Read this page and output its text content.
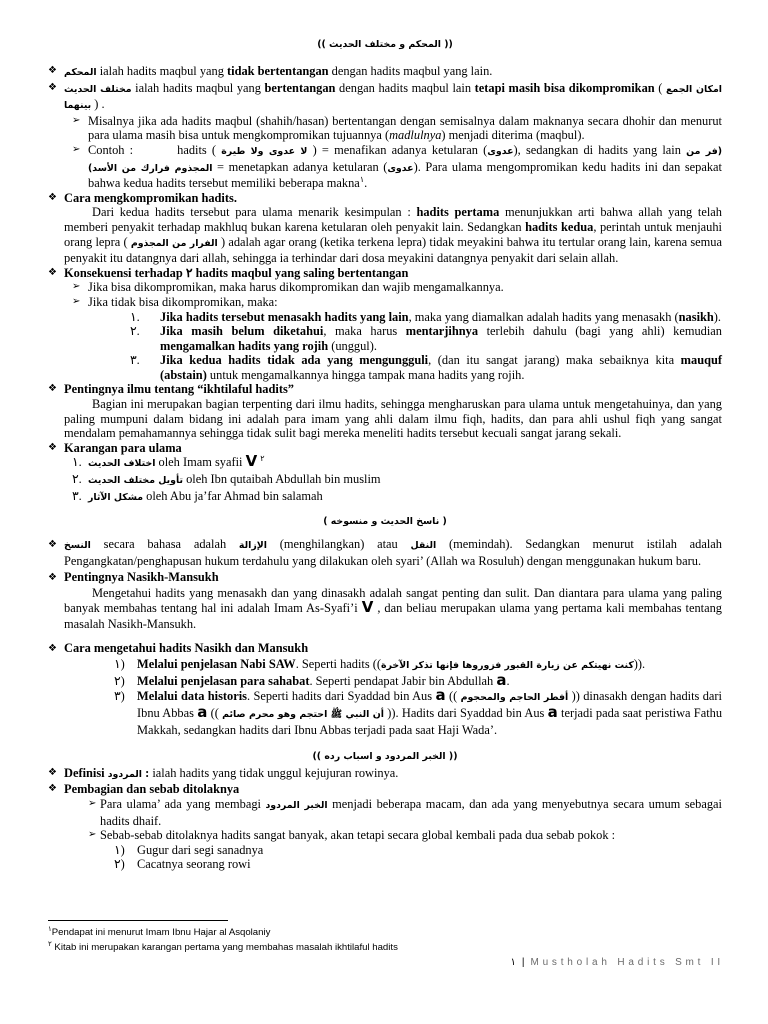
(( المحكم و مختلف الحديث ))
❖
المحكم ialah hadits maqbul yang tidak bertentangan dengan hadits maqbul yang lain.
❖
مختلف الحديث ialah hadits maqbul yang bertentangan dengan hadits maqbul lain tetapi masih bisa dikompromikan ( امكان الجمع بينهما ) .
➢
Misalnya jika ada hadits maqbul (shahih/hasan) bertentangan dengan semisalnya dalam maknanya secara dhohir dan menurut para ulama masih bisa untuk mengkompromikan tujuannya (madlulnya) menjadi diterima (maqbul).
➢
Contoh :	hadits ( لا عدوى ولا طيرة ) = menafikan adanya ketularan (عدوى), sedangkan di hadits yang lain (فر من المجذوم فرارك من الأسد) = menetapkan adanya ketularan (عدوى). Para ulama mengompromikan kedu hadits ini dan sepakat bahwa kedua hadits tersebut memiliki beberapa makna$^١$.
❖
Cara mengkompromikan hadits.
Dari kedua hadits tersebut para ulama menarik kesimpulan : hadits pertama menunjukkan arti bahwa allah yang telah memberi penyakit terhadap makhluq bukan karena ketularan oleh penyakit lain. Sedangkan hadits kedua, perintah untuk menjauhi orang lepra ( الفرار من المجذوم ) adalah agar orang (ketika terkena lepra) tidak meyakini bahwa itu tertular orang lain, karena semua penyakit itu datangnya dari allah, sehingga ia terhindar dari dosa meyakini datangnya penyakit dari selain allah.
❖
Konsekuensi terhadap ٢ hadits maqbul yang saling bertentangan
➢
Jika bisa dikompromikan, maka harus dikompromikan dan wajib mengamalkannya.
➢
Jika tidak bisa dikompromikan, maka:
١. Jika hadits tersebut menasakh hadits yang lain, maka yang diamalkan adalah hadits yang menasakh (nasikh).
٢. Jika masih belum diketahui, maka harus mentarjihnya terlebih dahulu (bagi yang ahli) kemudian mengamalkan hadits yang rojih (unggul).
٣. Jika kedua hadits tidak ada yang mengungguli, (dan itu sangat jarang) maka sebaiknya kita mauquf (abstain) untuk mengamalkannya hingga tampak mana hadits yang rojih.
❖
Pentingnya ilmu tentang “ikhtilaful hadits”
Bagian ini merupakan bagian terpenting dari ilmu hadits, sehingga mengharuskan para ulama untuk mengetahuinya, dan yang paling mumpuni dalam bidang ini adalah para imam yang ahli dalam ilmu fiqh, hadits, dan para ahli ushul fiqh yang sangat mendalam pemahamannya sehingga tidak sulit bagi mereka meneliti hadits tersebut kecuali sangat jarang sekali.
❖
Karangan para ulama
١. اختلاف الحديث oleh Imam syafii V $^٢$
٢. تأويل مختلف الحديث oleh Ibn qutaibah Abdullah bin muslim
٣. مشكل الآثار oleh Abu ja’far Ahmad bin salamah
( ناسخ الحديث و منسوخه )
❖
النسخ secara bahasa adalah الإزالة (menghilangkan) atau النقل (memindah). Sedangkan menurut istilah adalah Pengangkatan/penghapusan hukum terdahulu yang dilakukan oleh syari’ (Allah wa Rosuluh) dengan menggunakan hukum baru.
❖
Pentingnya Nasikh-Mansukh
Mengetahui hadits yang menasakh dan yang dinasakh adalah sangat penting dan sulit. Dan diantara para ulama yang paling banyak membahas tentang hal ini adalah Imam As-Syafi’i V , dan beliau merupakan ulama yang pertama kali membahas tentang masalah Nasikh-Mansukh.
❖
Cara mengetahui hadits Nasikh dan Mansukh
١) Melalui penjelasan Nabi SAW. Seperti hadits ((كنت نهيتكم عن زيارة القبور فزوروها فإنها تذكر الآخرة)).
٢) Melalui penjelasan para sahabat. Seperti pendapat Jabir bin Abdullah a.
٣) Melalui data historis. Seperti hadits dari Syaddad bin Aus a (( أفطر الحاجم والمحجوم )) dinasakh dengan hadits dari Ibnu Abbas a (( أن النبي ﷺ احتجم وهو محرم صائم )). Hadits dari Syaddad bin Aus a terjadi pada saat peristiwa Fathu Makkah, sedangkan hadits dari Ibnu Abbas terjadi pada saat Haji Wada’.
(( الخبر المردود و اسباب رده ))
❖
Definisi المردود : ialah hadits yang tidak unggul kejujuran rowinya.
❖
Pembagian dan sebab ditolaknya
➢
Para ulama’ ada yang membagi الخبر المردود menjadi beberapa macam, dan ada yang menyebutnya secara umum sebagai hadits dhaif.
➢
Sebab-sebab ditolaknya hadits sangat banyak, akan tetapi secara global kembali pada dua sebab pokok :
١) Gugur dari segi sanadnya
٢) Cacatnya seorang rowi
$^١$Pendapat ini menurut Imam Ibnu Hajar al Asqolaniy
$^٢$ Kitab ini merupakan karangan pertama yang membahas masalah ikhtilaful hadits
١ | Mustholah Hadits Smt II
